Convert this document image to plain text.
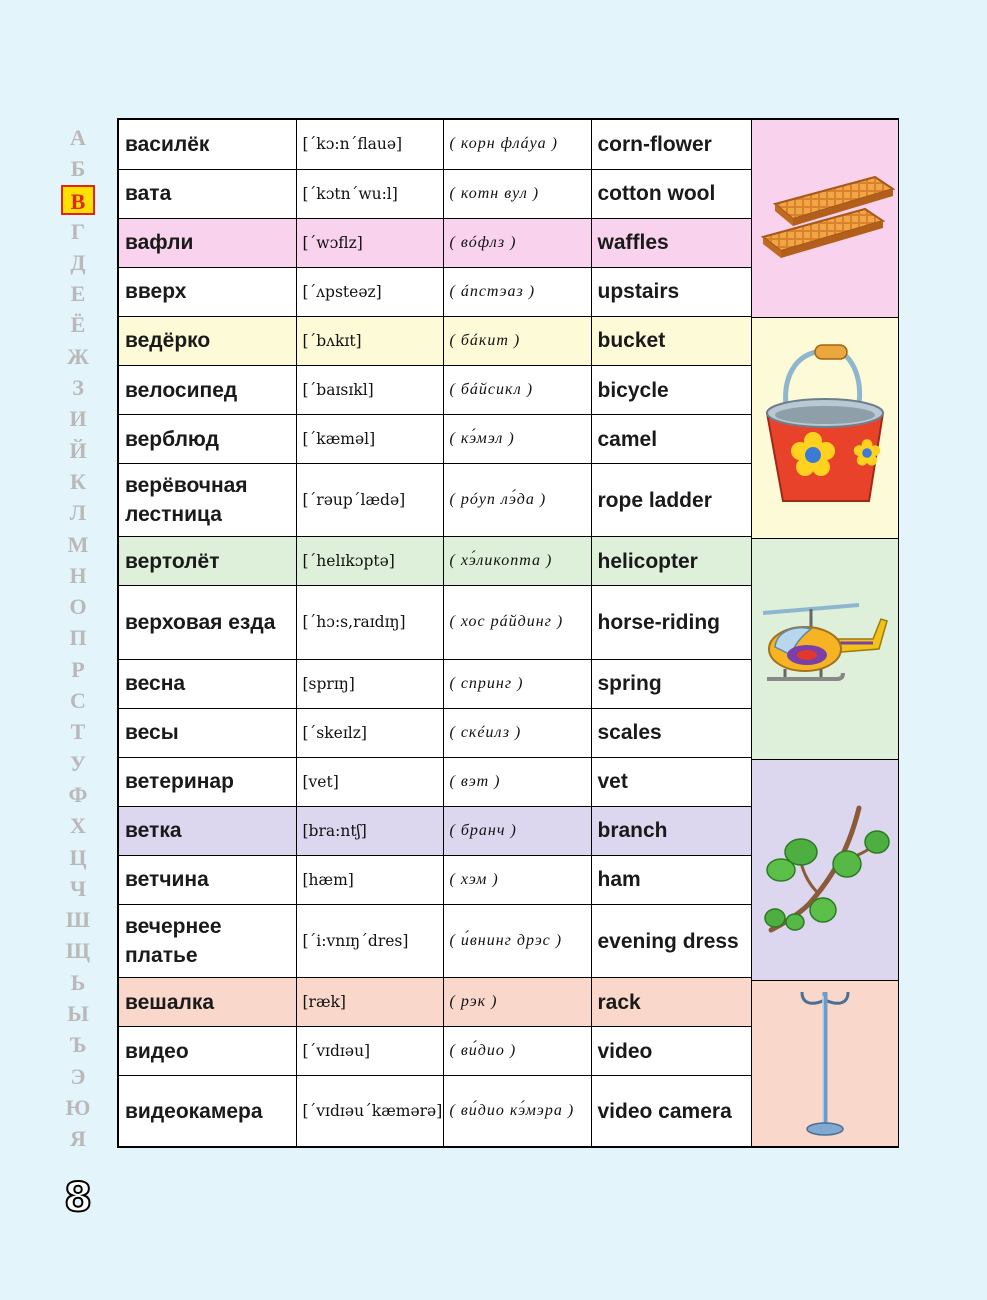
А
Б
В
Г
Д
Е
Ё
Ж
З
И
Й
К
Л
М
Н
О
П
Р
С
Т
У
Ф
Х
Ц
Ч
Ш
Щ
Ь
Ы
Ъ
Э
Ю
Я
василёк	[ˊkɔ:nˊflauə]	( корн флáуа )	corn-flower
вата	[ˊkɔtnˊwu:l]	( котн вул )	cotton wool
вафли	[ˊwɔflz]	( вóфлз )	waffles
вверх	[ˊʌpsteəz]	( áпстэаз )	upstairs
ведёрко	[ˊbʌkɪt]	( бáкит )	bucket
велосипед	[ˊbaɪsɪkl]	( бáйсикл )	bicycle
верблюд	[ˊkæməl]	( кэ́мэл )	camel
верёвочная лестница	[ˊrəupˊlædə]	( рóуп лэ́да )	rope ladder
вертолёт	[ˊhelɪkɔptə]	( хэ́ликопта )	helicopter
верховая езда	[ˊhɔ:s,raɪdɪŋ]	( хос рáйдинг )	horse-riding
весна	[sprɪŋ]	( спринг )	spring
весы	[ˊskeɪlz]	( скéилз )	scales
ветеринар	[vet]	( вэт )	vet
ветка	[bra:ntʃ]	( бранч )	branch
ветчина	[hæm]	( хэм )	ham
вечернее платье	[ˊi:vnɪŋˊdres]	( и́внинг дрэс )	evening dress
вешалка	[ræk]	( рэк )	rack
видео	[ˊvɪdɪəu]	( ви́дио )	video
видеокамера	[ˊvɪdɪəuˊkæmərə]	( ви́дио кэ́мэра )	video camera
8
